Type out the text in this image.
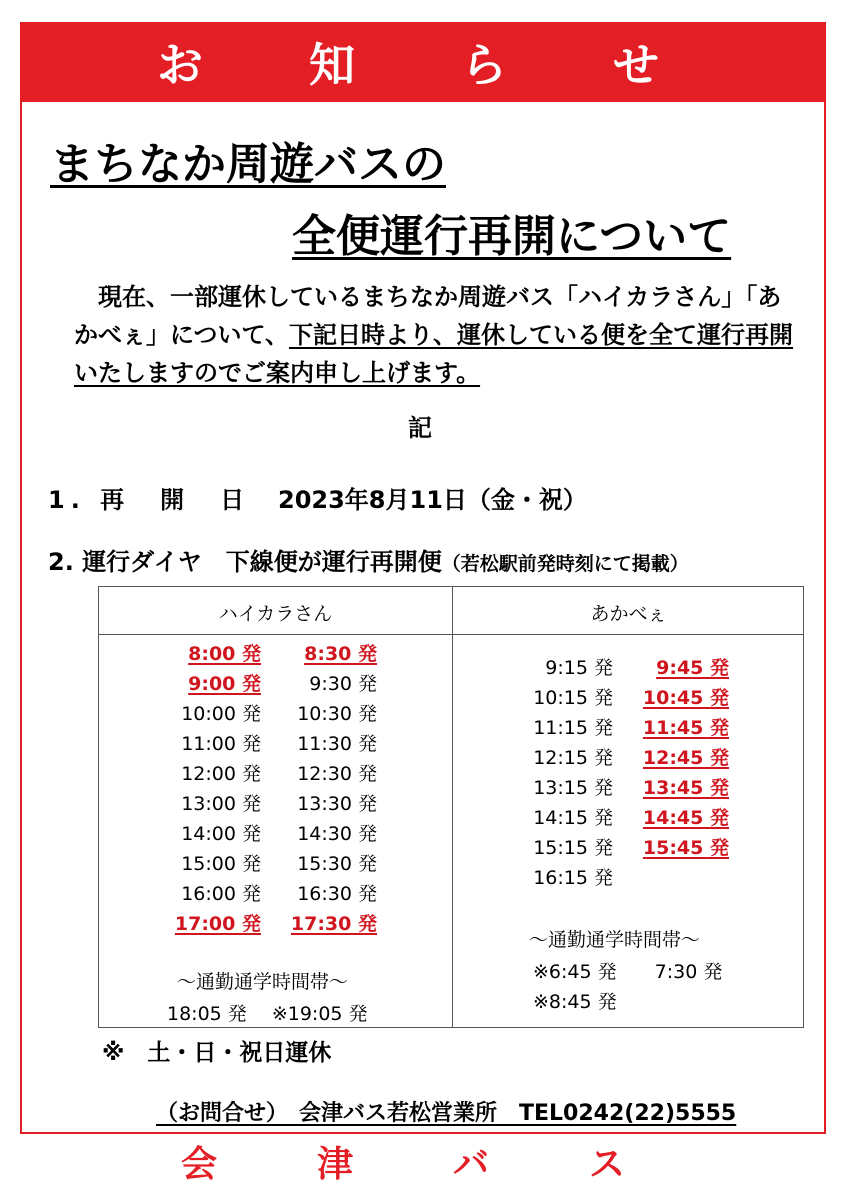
お　知　ら　せ
まちなか周遊バスの
全便運行再開について
　現在、一部運休しているまちなか周遊バス「ハイカラさん」「あかべぇ」について、下記日時より、運休している便を全て運行再開いたしますのでご案内申し上げます。
記
1. 再　開　日 2023年8月11日（金・祝）
2. 運行ダイヤ　下線便が運行再開便（若松駅前発時刻にて掲載）
ハイカラさん	あかべぇ
8:00 発 8:30 発
9:00 発	9:30 発
10:00 発 10:30 発
11:00 発 11:30 発
12:00 発 12:30 発
13:00 発 13:30 発
14:00 発 14:30 発
15:00 発 15:30 発
16:00 発 16:30 発
17:00 発 17:30 発
〜通勤通学時間帯〜
18:05 発　 ※19:05 発
9:15 発 9:45 発
10:15 発 10:45 発
11:15 発 11:45 発
12:15 発 12:45 発
13:15 発 13:45 発
14:15 発 14:45 発
15:15 発 15:45 発
16:15 発
〜通勤通学時間帯〜
※6:45 発　　7:30 発
※8:45 発
※　土・日・祝日運休
（お問合せ）　会津バス若松営業所　TEL0242(22)5555
会津バス
